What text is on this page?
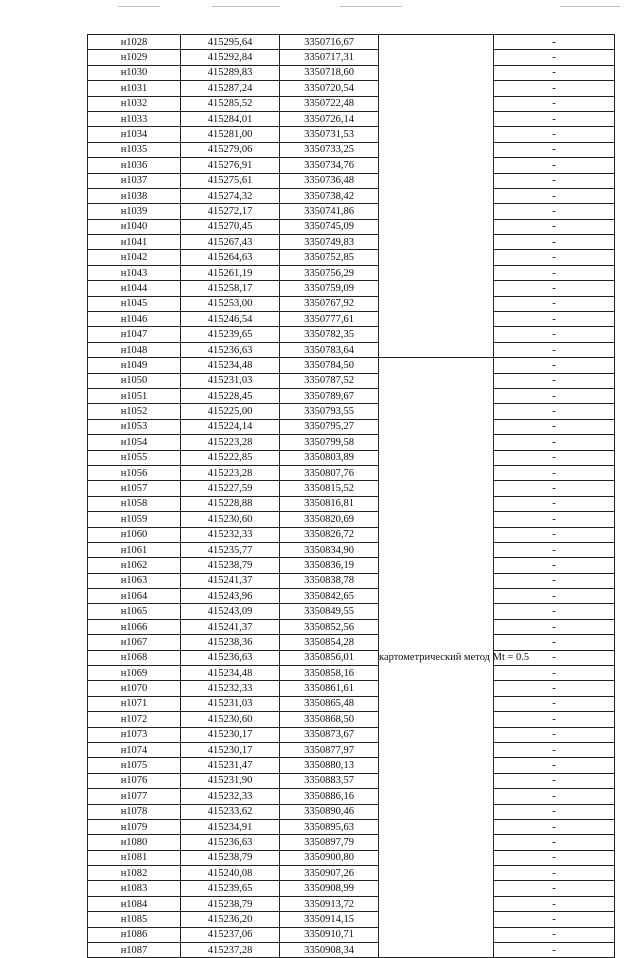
н1028	415295,64	3350716,67		-
н1029	415292,84	3350717,31		-
н1030	415289,83	3350718,60		-
н1031	415287,24	3350720,54		-
н1032	415285,52	3350722,48		-
н1033	415284,01	3350726,14		-
н1034	415281,00	3350731,53		-
н1035	415279,06	3350733,25		-
н1036	415276,91	3350734,76		-
н1037	415275,61	3350736,48		-
н1038	415274,32	3350738,42		-
н1039	415272,17	3350741,86		-
н1040	415270,45	3350745,09		-
н1041	415267,43	3350749,83		-
н1042	415264,63	3350752,85		-
н1043	415261,19	3350756,29		-
н1044	415258,17	3350759,09		-
н1045	415253,00	3350767,92		-
н1046	415246,54	3350777,61		-
н1047	415239,65	3350782,35		-
н1048	415236,63	3350783,64		-
н1049	415234,48	3350784,50	картометрический метод Mt = 0.5	-
н1050	415231,03	3350787,52		-
н1051	415228,45	3350789,67		-
н1052	415225,00	3350793,55		-
н1053	415224,14	3350795,27		-
н1054	415223,28	3350799,58		-
н1055	415222,85	3350803,89		-
н1056	415223,28	3350807,76		-
н1057	415227,59	3350815,52		-
н1058	415228,88	3350816,81		-
н1059	415230,60	3350820,69		-
н1060	415232,33	3350826,72		-
н1061	415235,77	3350834,90		-
н1062	415238,79	3350836,19		-
н1063	415241,37	3350838,78		-
н1064	415243,96	3350842,65		-
н1065	415243,09	3350849,55		-
н1066	415241,37	3350852,56		-
н1067	415238,36	3350854,28		-
н1068	415236,63	3350856,01		-
н1069	415234,48	3350858,16		-
н1070	415232,33	3350861,61		-
н1071	415231,03	3350865,48		-
н1072	415230,60	3350868,50		-
н1073	415230,17	3350873,67		-
н1074	415230,17	3350877,97		-
н1075	415231,47	3350880,13		-
н1076	415231,90	3350883,57		-
н1077	415232,33	3350886,16		-
н1078	415233,62	3350890,46		-
н1079	415234,91	3350895,63		-
н1080	415236,63	3350897,79		-
н1081	415238,79	3350900,80		-
н1082	415240,08	3350907,26		-
н1083	415239,65	3350908,99		-
н1084	415238,79	3350913,72		-
н1085	415236,20	3350914,15		-
н1086	415237,06	3350910,71		-
н1087	415237,28	3350908,34		-
